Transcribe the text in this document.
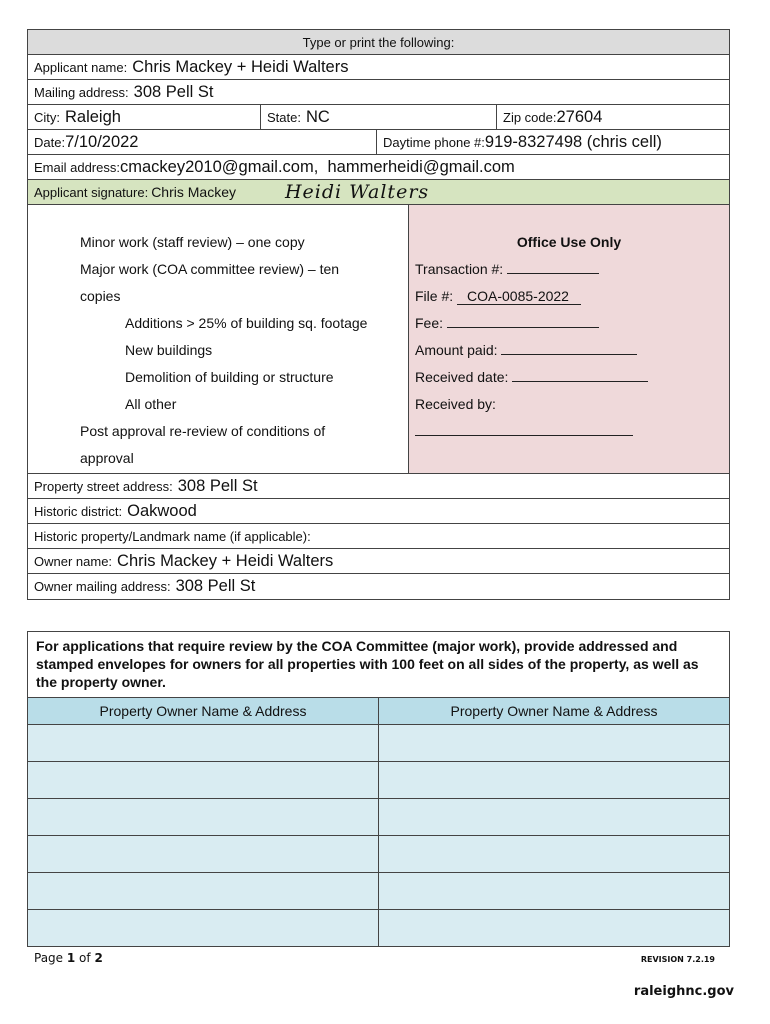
Type or print the following:
Applicant name: Chris Mackey + Heidi Walters
Mailing address: 308 Pell St
City: Raleigh	State: NC	Zip code: 27604
Date: 7/10/2022	Daytime phone #: 919-8327498 (chris cell)
Email address: cmackey2010@gmail.com,  hammerheidi@gmail.com
Applicant signature: Chris Mackey	Heidi Walters
Minor work (staff review) – one copy
Major work (COA committee review) – ten
copies
Additions > 25% of building sq. footage
New buildings
Demolition of building or structure
All other
Post approval re-review of conditions of
approval
Office Use Only
Transaction #:
File #: COA-0085-2022
Fee:
Amount paid:
Received date:
Received by:
Property street address: 308 Pell St
Historic district: Oakwood
Historic property/Landmark name (if applicable):
Owner name: Chris Mackey + Heidi Walters
Owner mailing address: 308 Pell St
For applications that require review by the COA Committee (major work), provide addressed and stamped envelopes for owners for all properties with 100 feet on all sides of the property, as well as the property owner.
Property Owner Name & Address	Property Owner Name & Address
Page 1 of 2	REVISION 7.2.19
raleighnc.gov
